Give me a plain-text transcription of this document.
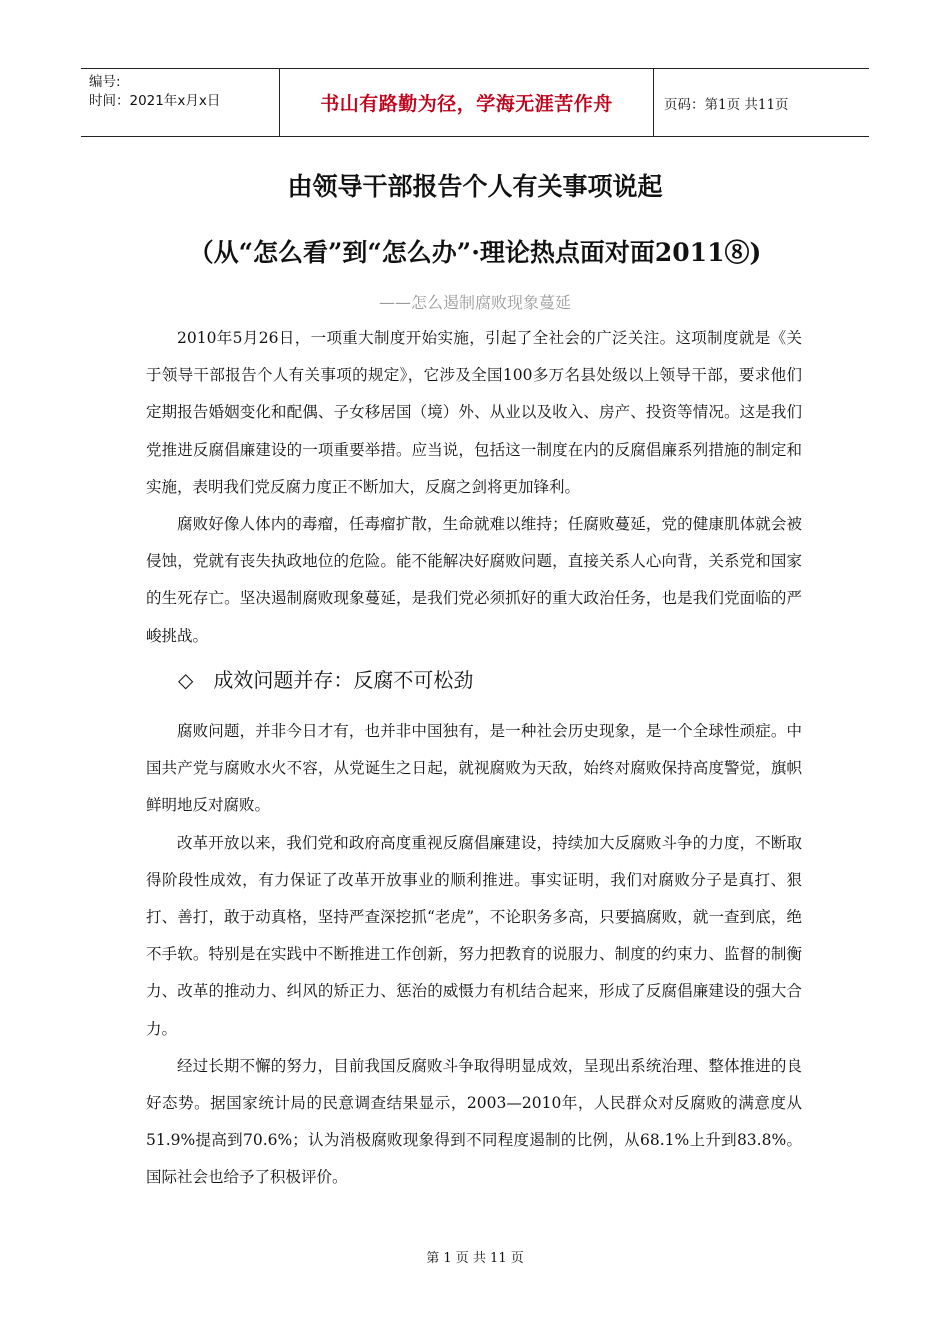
编号:
时间：2021年x月x日	书山有路勤为径，学海无涯苦作舟	页码：第1页 共11页
由领导干部报告个人有关事项说起
（从“怎么看”到“怎么办”·理论热点面对面2011⑧)
——怎么遏制腐败现象蔓延

2010年5月26日，一项重大制度开始实施，引起了全社会的广泛关注。这项制度就是《关于领导干部报告个人有关事项的规定》，它涉及全国100多万名县处级以上领导干部，要求他们定期报告婚姻变化和配偶、子女移居国（境）外、从业以及收入、房产、投资等情况。这是我们党推进反腐倡廉建设的一项重要举措。应当说，包括这一制度在内的反腐倡廉系列措施的制定和实施，表明我们党反腐力度正不断加大，反腐之剑将更加锋利。

腐败好像人体内的毒瘤，任毒瘤扩散，生命就难以维持；任腐败蔓延，党的健康肌体就会被侵蚀，党就有丧失执政地位的危险。能不能解决好腐败问题，直接关系人心向背，关系党和国家的生死存亡。坚决遏制腐败现象蔓延，是我们党必须抓好的重大政治任务，也是我们党面临的严峻挑战。

◇ 成效问题并存：反腐不可松劲

腐败问题，并非今日才有，也并非中国独有，是一种社会历史现象，是一个全球性顽症。中国共产党与腐败水火不容，从党诞生之日起，就视腐败为天敌，始终对腐败保持高度警觉，旗帜鲜明地反对腐败。

改革开放以来，我们党和政府高度重视反腐倡廉建设，持续加大反腐败斗争的力度，不断取得阶段性成效，有力保证了改革开放事业的顺利推进。事实证明，我们对腐败分子是真打、狠打、善打，敢于动真格，坚持严查深挖抓“老虎”，不论职务多高，只要搞腐败，就一查到底，绝不手软。特别是在实践中不断推进工作创新，努力把教育的说服力、制度的约束力、监督的制衡力、改革的推动力、纠风的矫正力、惩治的威慑力有机结合起来，形成了反腐倡廉建设的强大合力。

经过长期不懈的努力，目前我国反腐败斗争取得明显成效，呈现出系统治理、整体推进的良好态势。据国家统计局的民意调查结果显示，2003—2010年，人民群众对反腐败的满意度从51.9%提高到70.6%；认为消极腐败现象得到不同程度遏制的比例，从68.1%上升到83.8%。国际社会也给予了积极评价。

第 1 页 共 11 页
